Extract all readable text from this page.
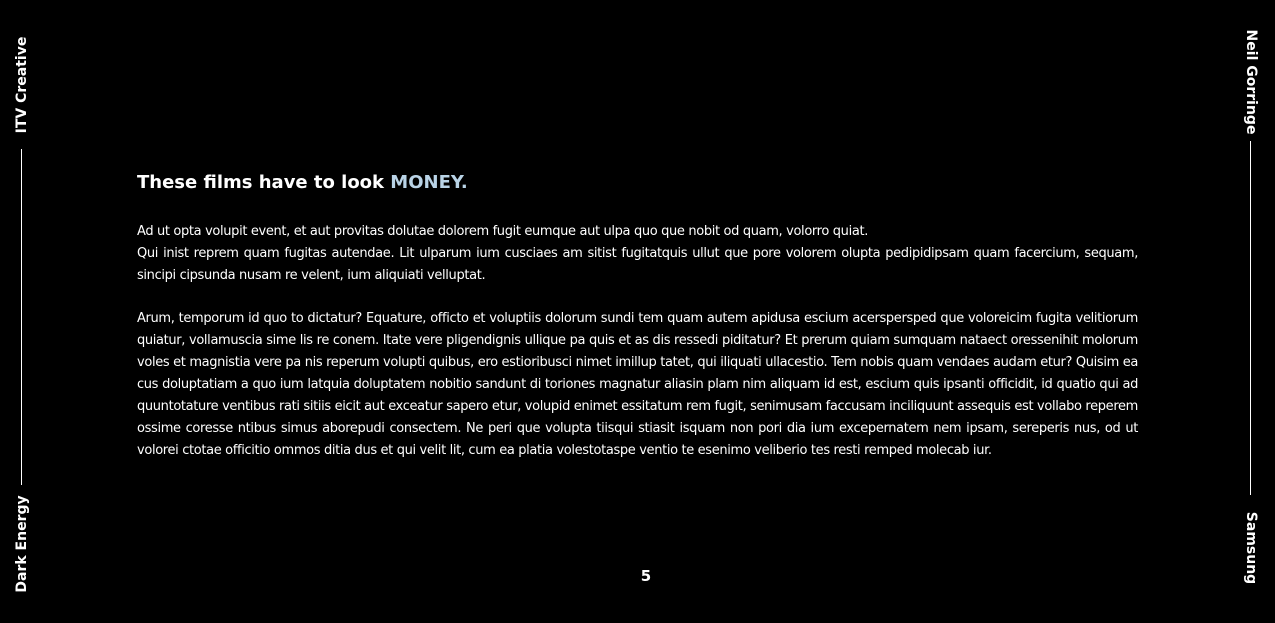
ITV Creative
Dark Energy
Neil Gorringe
Samsung
These films have to look MONEY.

Ad ut opta volupit event, et aut provitas dolutae dolorem fugit eumque aut ulpa quo que nobit od quam, volorro quiat.

Qui inist reprem quam fugitas autendae. Lit ulparum ium cusciaes am sitist fugitatquis ullut que pore volorem olupta pedipidipsam quam facercium, sequam, sincipi cipsunda nusam re velent, ium aliquiati velluptat.

Arum, temporum id quo to dictatur? Equature, officto et voluptiis dolorum sundi tem quam autem apidusa escium acerspersped que voloreicim fugita velitiorum quiatur, vollamuscia sime lis re conem. Itate vere pligendignis ullique pa quis et as dis ressedi piditatur? Et prerum quiam sumquam nataect oressenihit molorum voles et magnistia vere pa nis reperum volupti quibus, ero estioribusci nimet imillup tatet, qui iliquati ullacestio. Tem nobis quam vendaes audam etur? Quisim ea cus doluptatiam a quo ium latquia doluptatem nobitio sandunt di toriones magnatur aliasin plam nim aliquam id est, escium quis ipsanti officidit, id quatio qui ad quuntotature ventibus rati sitiis eicit aut exceatur sapero etur, volupid enimet essitatum rem fugit, senimusam faccusam inciliquunt assequis est vollabo reperem ossime coresse ntibus simus aborepudi consectem. Ne peri que volupta tiisqui stiasit isquam non pori dia ium excepernatem nem ipsam, sereperis nus, od ut volorei ctotae officitio ommos ditia dus et qui velit lit, cum ea platia volestotaspe ventio te esenimo veliberio tes resti remped molecab iur.

5
